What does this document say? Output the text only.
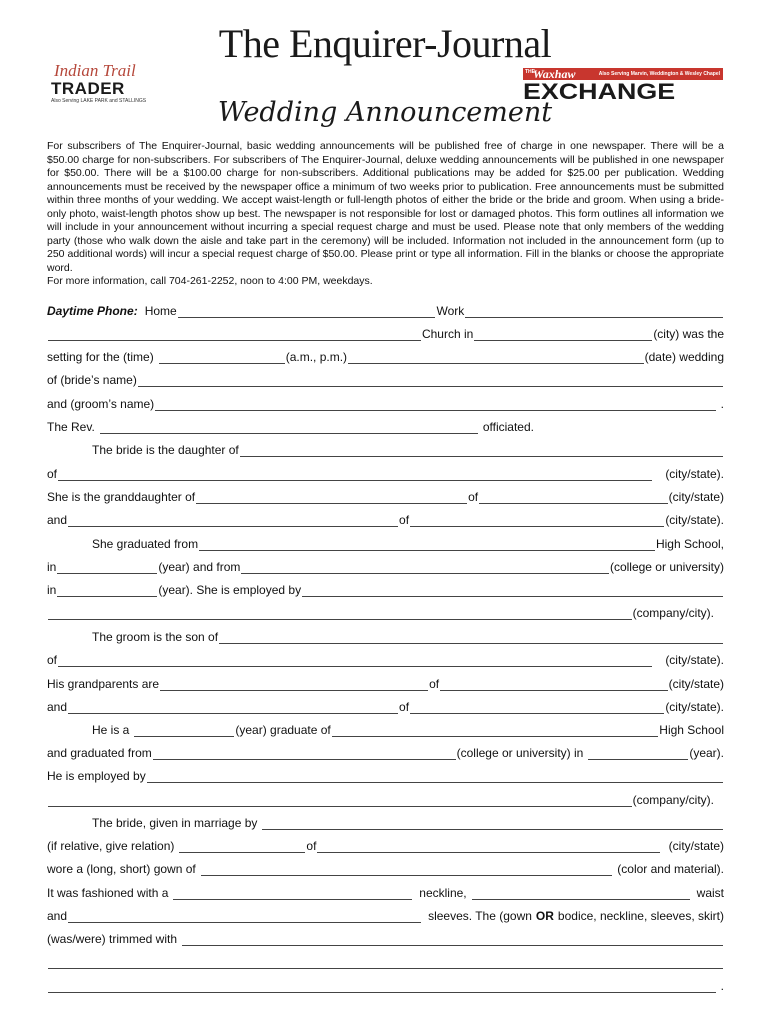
The Enquirer-Journal
Indian Trail
TRADER
Also Serving LAKE PARK and STALLINGS
THE
Waxhaw	Also Serving Marvin, Weddington & Wesley Chapel
EXCHANGE
Wedding Announcement

For subscribers of The Enquirer-Journal, basic wedding announcements will be published free of charge in one newspaper. There will be a $50.00 charge for non-subscribers. For subscribers of The Enquirer-Journal, deluxe wedding announcements will be published in one newspaper for $50.00. There will be a $100.00 charge for non-subscribers. Additional publications may be added for $25.00 per publication. Wedding announcements must be received by the newspaper office a minimum of two weeks prior to publication. Free announcements must be submitted within three months of your wedding. We accept waist-length or full-length photos of either the bride or the bride and groom. When using a bride-only photo, waist-length photos show up best. The newspaper is not responsible for lost or damaged photos. This form outlines all information we will include in your announcement without incurring a special request charge and must be used. Please note that only members of the wedding party (those who walk down the aisle and take part in the ceremony) will be included. Information not included in the announcement form (up to 250 additional words) will incur a special request charge of $50.00. Please print or type all information. Fill in the blanks or choose the appropriate word.

For more information, call 704-261-2252, noon to 4:00 PM, weekdays.

Daytime Phone: Home	Work
Church in	(city) was the
setting for the (time)	(a.m., p.m.)	(date) wedding
of (bride’s name)
and (groom’s name)	.
The Rev.	officiated.
The bride is the daughter of
of	(city/state).
She is the granddaughter of	of	(city/state)
and	of	(city/state).
She graduated from	High School,
in	(year) and from	(college or university)
in	(year). She is employed by
(company/city).
The groom is the son of
of	(city/state).
His grandparents are	of	(city/state)
and	of	(city/state).
He is a	(year) graduate of	High School
and graduated from	(college or university) in	(year).
He is employed by
(company/city).
The bride, given in marriage by
(if relative, give relation)	of	(city/state)
wore a (long, short) gown of	(color and material).
It was fashioned with a	neckline,	waist
and	sleeves. The (gown OR bodice, neckline, sleeves, skirt)
(was/were) trimmed with
.
